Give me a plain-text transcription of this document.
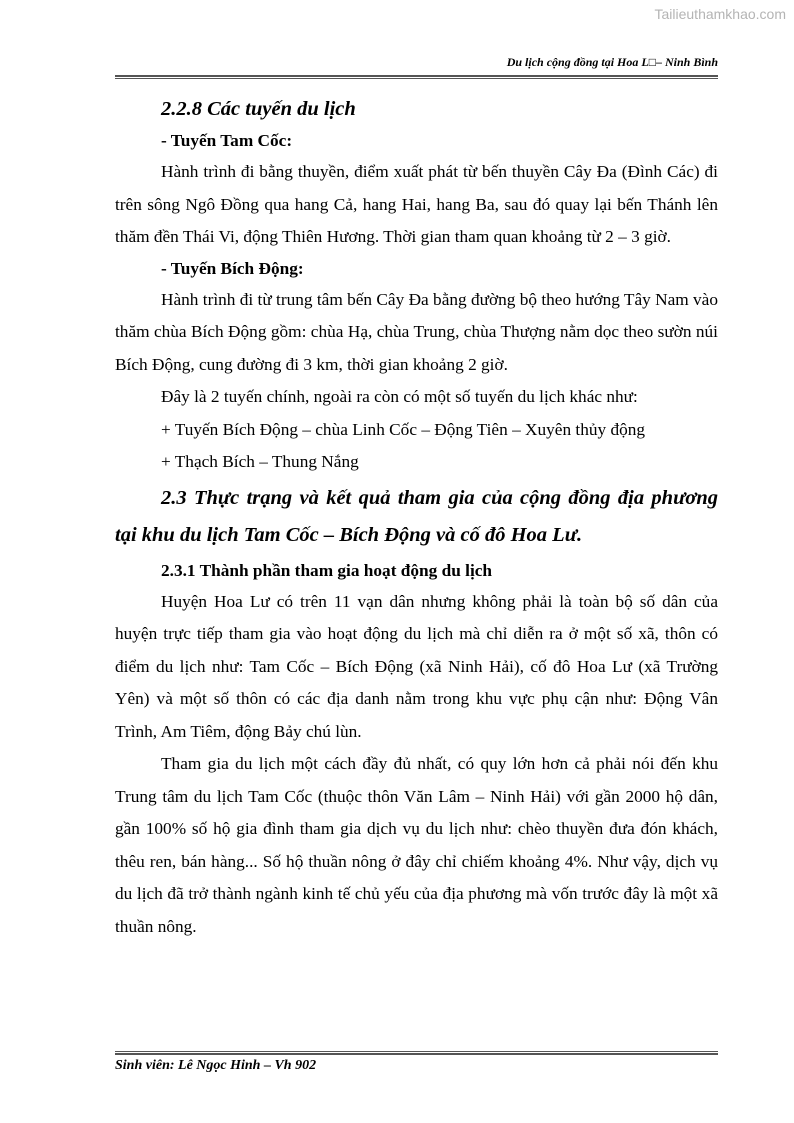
Tailieuthamkhao.com
Du lịch cộng đồng tại Hoa L□– Ninh Bình
2.2.8 Các tuyến du lịch
- Tuyến Tam Cốc:

Hành trình đi bằng thuyền, điểm xuất phát từ bến thuyền Cây Đa (Đình Các) đi trên sông Ngô Đồng qua hang Cả, hang Hai, hang Ba, sau đó quay lại bến Thánh lên thăm đền Thái Vi, động Thiên Hương. Thời gian tham quan khoảng từ 2 – 3 giờ.

- Tuyến Bích Động:

Hành trình đi từ trung tâm bến Cây Đa bằng đường bộ theo hướng Tây Nam vào thăm chùa Bích Động gồm: chùa Hạ, chùa Trung, chùa Thượng nằm dọc theo sườn núi Bích Động, cung đường đi 3 km, thời gian khoảng 2 giờ.

Đây là 2 tuyến chính, ngoài ra còn có một số tuyến du lịch khác như:

+ Tuyến Bích Động – chùa Linh Cốc – Động Tiên – Xuyên thủy động
+ Thạch Bích – Thung Nắng
2.3 Thực trạng và kết quả tham gia của cộng đồng địa phương tại khu du lịch Tam Cốc – Bích Động và cố đô Hoa Lư.
2.3.1 Thành phần tham gia hoạt động du lịch

Huyện Hoa Lư có trên 11 vạn dân nhưng không phải là toàn bộ số dân của huyện trực tiếp tham gia vào hoạt động du lịch mà chỉ diễn ra ở một số xã, thôn có điểm du lịch như: Tam Cốc – Bích Động (xã Ninh Hải), cố đô Hoa Lư (xã Trường Yên) và một số thôn có các địa danh nằm trong khu vực phụ cận như: Động Vân Trình, Am Tiêm, động Bảy chú lùn.

Tham gia du lịch một cách đầy đủ nhất, có quy lớn hơn cả phải nói đến khu Trung tâm du lịch Tam Cốc (thuộc thôn Văn Lâm – Ninh Hải) với gần 2000 hộ dân, gần 100% số hộ gia đình tham gia dịch vụ du lịch như: chèo thuyền đưa đón khách, thêu ren, bán hàng... Số hộ thuần nông ở đây chỉ chiếm khoảng 4%. Như vậy, dịch vụ du lịch đã trở thành ngành kinh tế chủ yếu của địa phương mà vốn trước đây là một xã thuần nông.

Sinh viên: Lê Ngọc Hinh – Vh 902
